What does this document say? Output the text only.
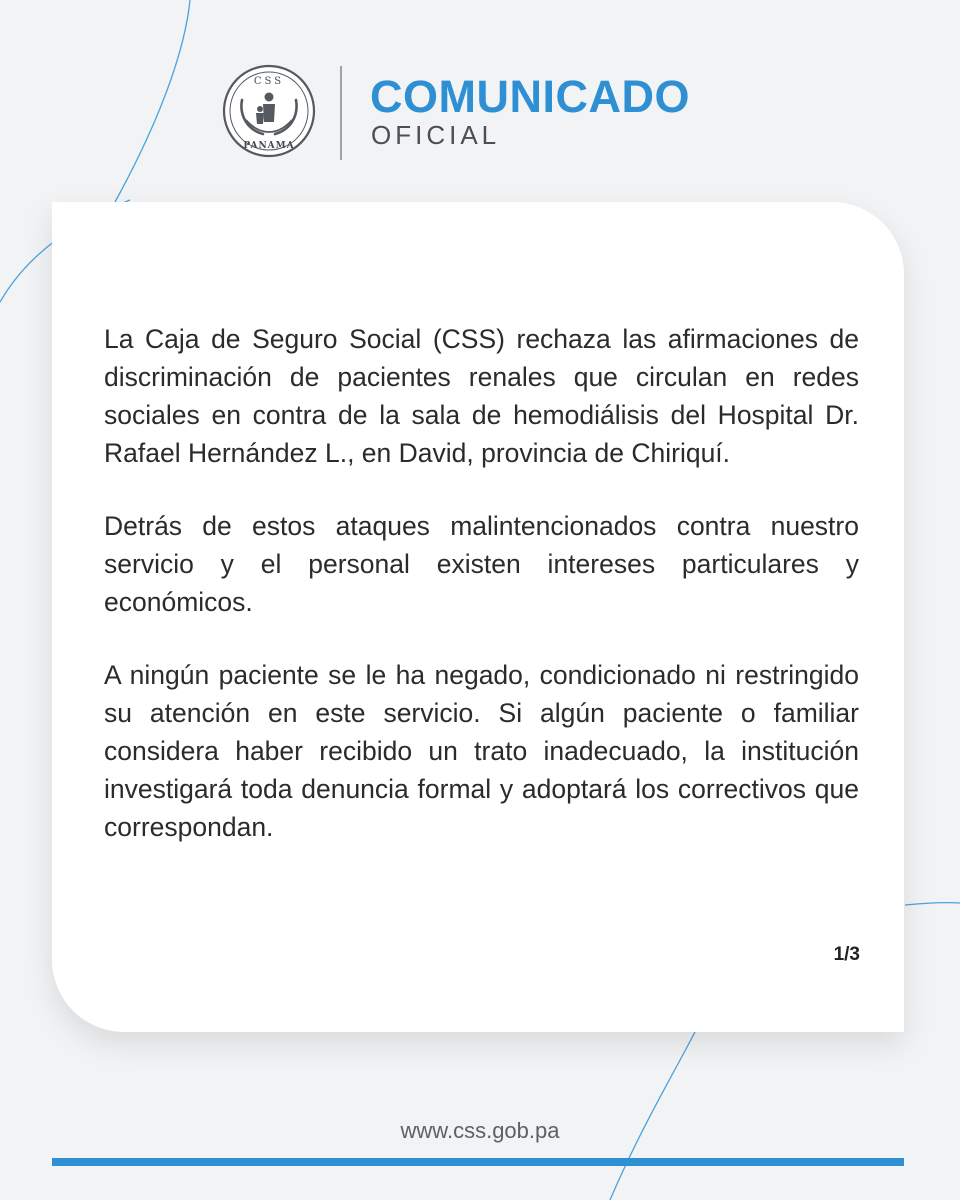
CSS
PANAMA
COMUNICADO
OFICIAL

La Caja de Seguro Social (CSS) rechaza las afirmaciones de discriminación de pacientes renales que circulan en redes sociales en contra de la sala de hemodiálisis del Hospital Dr. Rafael Hernández L., en David, provincia de Chiriquí.

Detrás de estos ataques malintencionados contra nuestro servicio y el personal existen intereses particulares y económicos.

A ningún paciente se le ha negado, condicionado ni restringido su atención en este servicio. Si algún paciente o familiar considera haber recibido un trato inadecuado, la institución investigará toda denuncia formal y adoptará los correctivos que correspondan.

1/3
www.css.gob.pa
